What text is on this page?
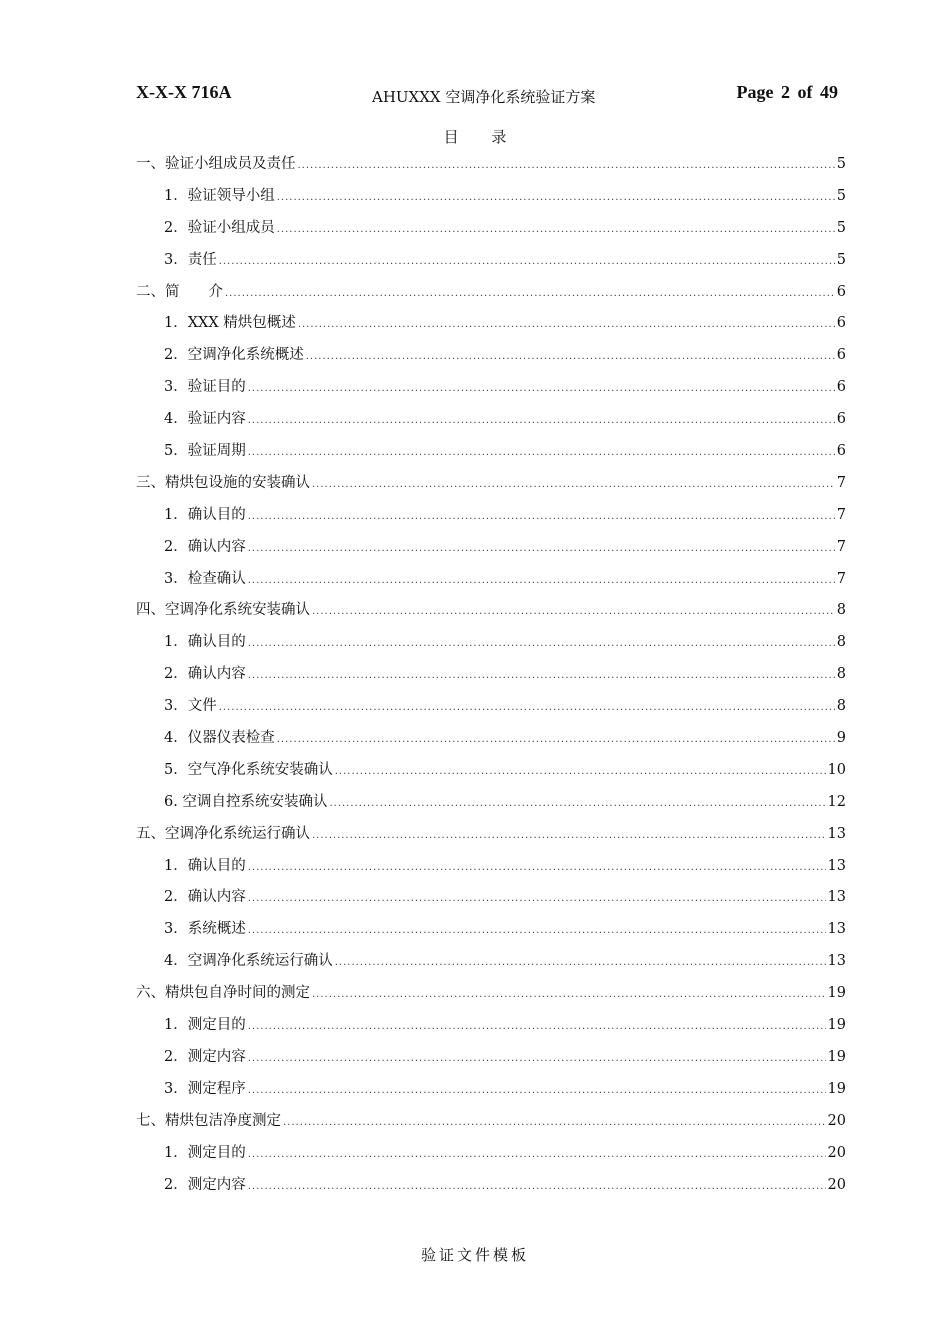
X-X-X 716A	AHUXXX 空调净化系统验证方案	Page 2 of 49
目 录
一、验证小组成员及责任 .....	5
1．验证领导小组 .....	5
2．验证小组成员 .....	5
3．责任 .....	5
二、简　　介 .....	6
1．XXX 精烘包概述 .....	6
2．空调净化系统概述 .....	6
3．验证目的 .....	6
4．验证内容 .....	6
5．验证周期 .....	6
三、精烘包设施的安装确认 .....	7
1．确认目的 .....	7
2．确认内容 .....	7
3．检查确认 .....	7
四、空调净化系统安装确认 .....	8
1．确认目的 .....	8
2．确认内容 .....	8
3．文件 .....	8
4．仪器仪表检查 .....	9
5．空气净化系统安装确认 .....	10
6. 空调自控系统安装确认 .....	12
五、空调净化系统运行确认 .....	13
1．确认目的 .....	13
2．确认内容 .....	13
3．系统概述 .....	13
4．空调净化系统运行确认 .....	13
六、精烘包自净时间的测定 .....	19
1．测定目的 .....	19
2．测定内容 .....	19
3．测定程序 .....	19
七、精烘包洁净度测定 .....	20
1．测定目的 .....	20
2．测定内容 .....	20
验证文件模板
